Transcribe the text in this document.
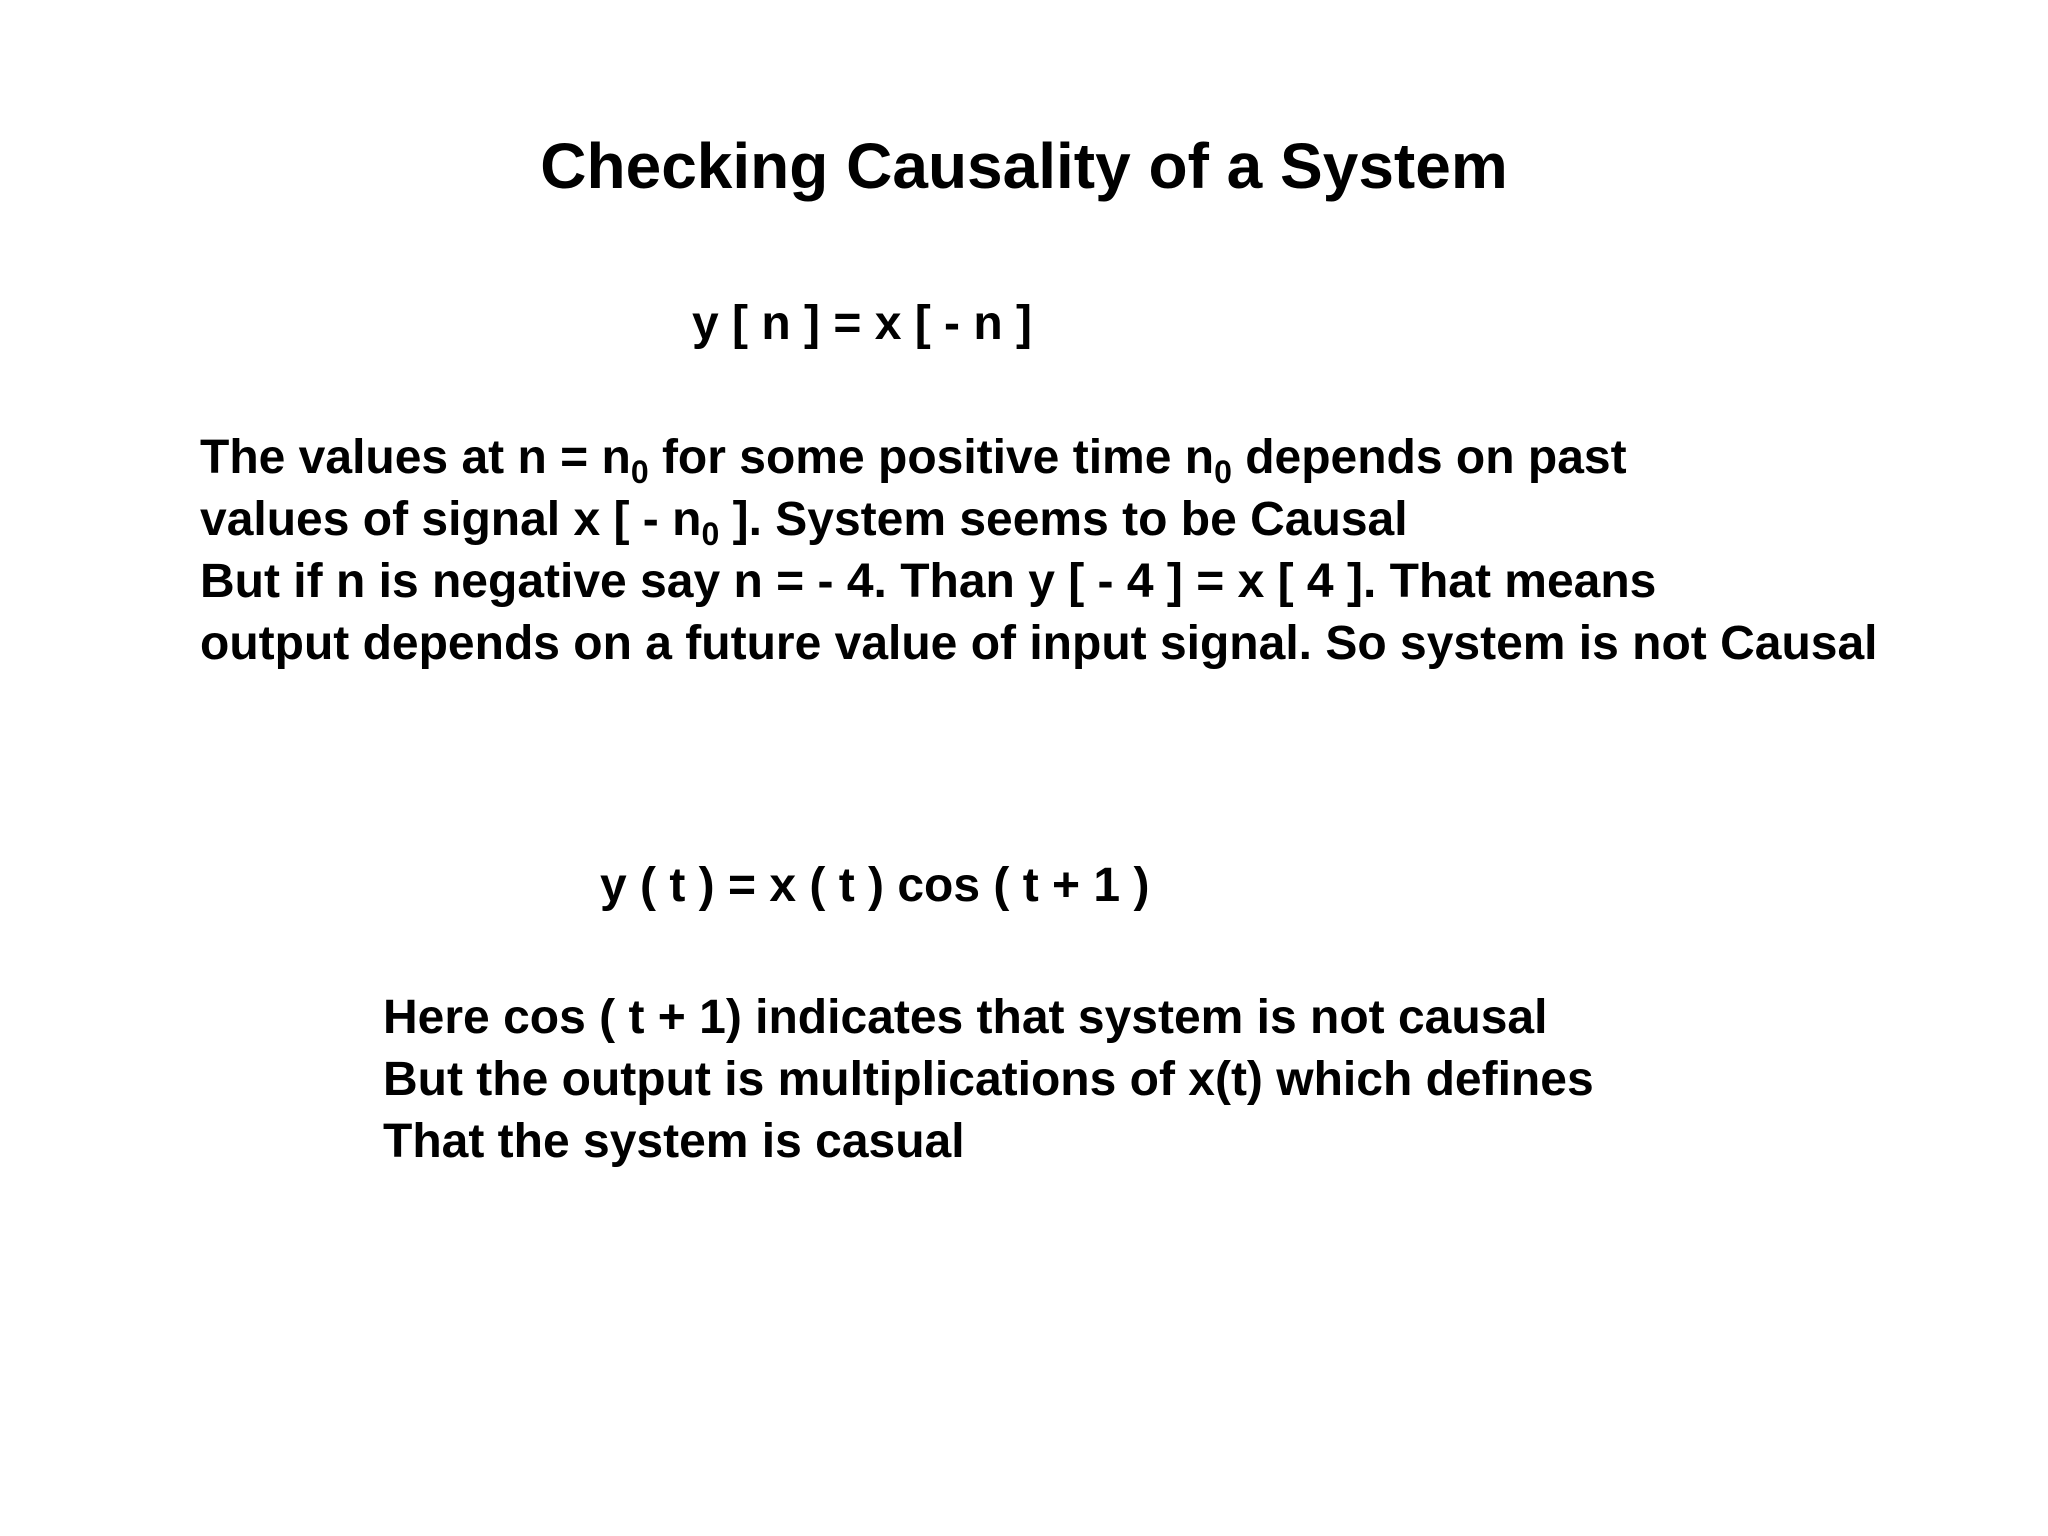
Checking Causality of a System
y [ n ] = x [ - n ]
The values at $n = n_0$ for some positive time $n_0$ depends on past
values of signal x [ - $n_0$ ]. System seems to be Causal
But if n is negative say n = - 4. Than y [ - 4 ] = x [ 4 ]. That means
output depends on a future value of input signal. So system is not Causal
y ( t ) = x ( t ) cos ( t + 1 )
Here cos ( t + 1) indicates that system is not causal
But the output is multiplications of x(t) which defines
That the system is casual
